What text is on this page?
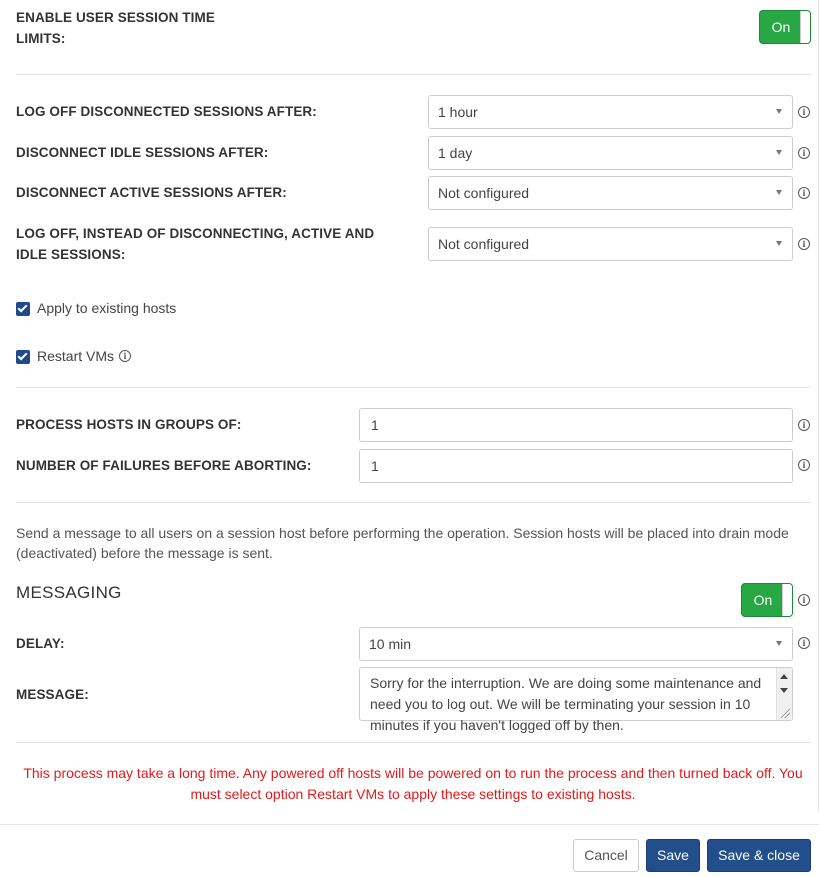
ENABLE USER SESSION TIME LIMITS:
On
LOG OFF DISCONNECTED SESSIONS AFTER:	1 hour	i
DISCONNECT IDLE SESSIONS AFTER:	1 day	i
DISCONNECT ACTIVE SESSIONS AFTER:	Not configured	i
LOG OFF, INSTEAD OF DISCONNECTING, ACTIVE AND IDLE SESSIONS:
Not configured	i
Apply to existing hosts
Restart VMs	i
PROCESS HOSTS IN GROUPS OF:	1	i
NUMBER OF FAILURES BEFORE ABORTING:	1	i
Send a message to all users on a session host before performing the operation. Session hosts will be placed into drain mode (deactivated) before the message is sent.
MESSAGING	On	i
DELAY:	10 min	i
MESSAGE:
Sorry for the interruption. We are doing some maintenance and need you to log out. We will be terminating your session in 10 minutes if you haven't logged off by then.
This process may take a long time. Any powered off hosts will be powered on to run the process and then turned back off. You must select option Restart VMs to apply these settings to existing hosts.
Cancel	Save	Save & close
